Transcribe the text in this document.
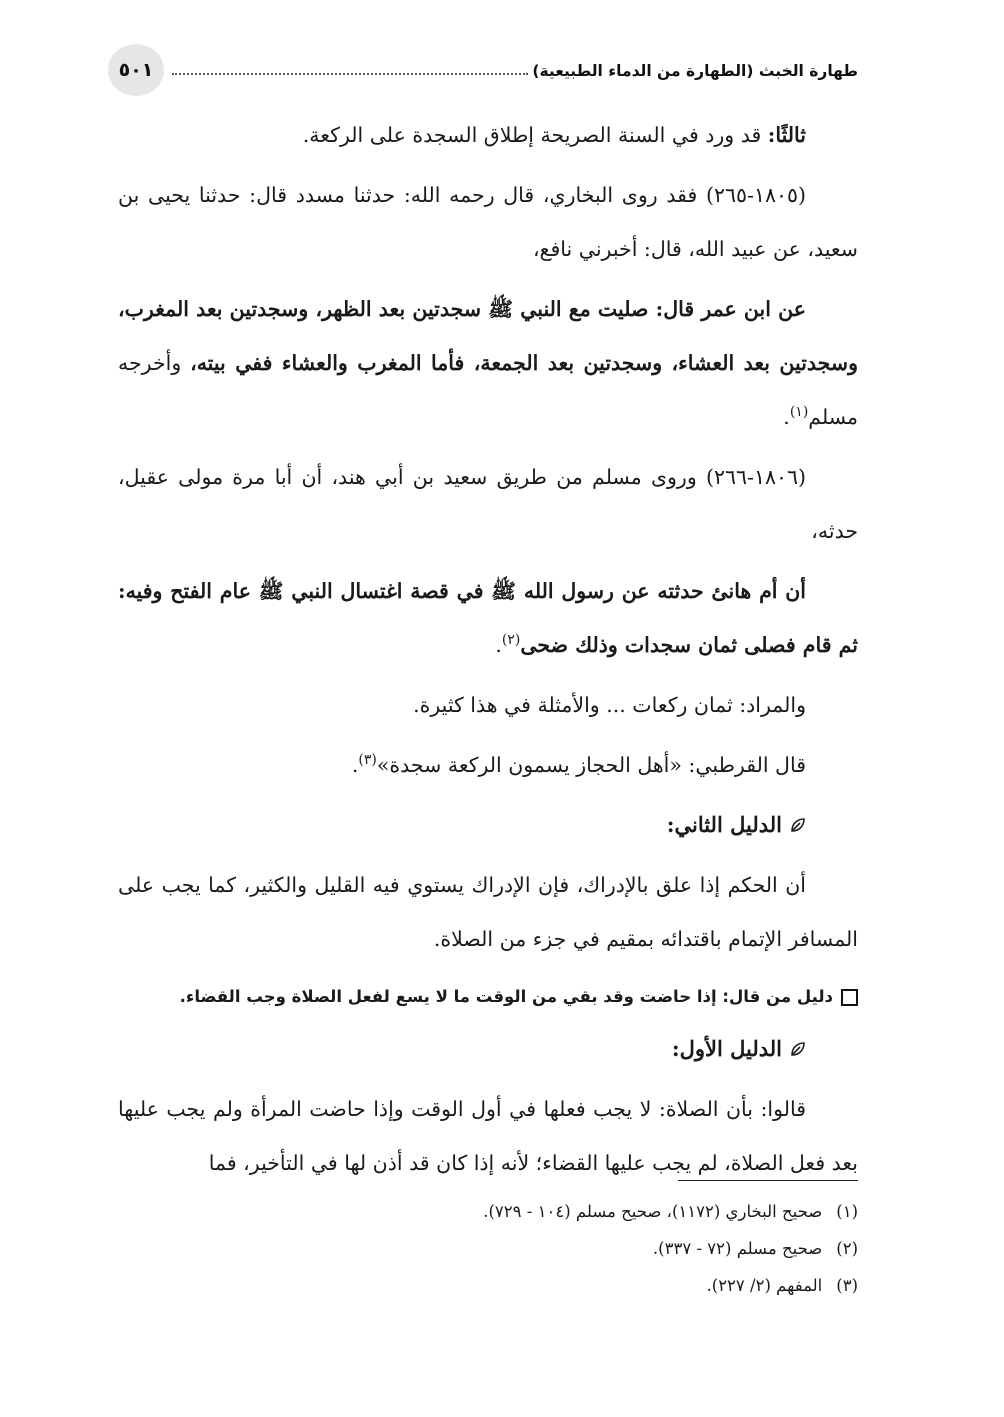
٥٠١	طهارة الخبث (الطهارة من الدماء الطبيعية)

ثالثًا: قد ورد في السنة الصريحة إطلاق السجدة على الركعة.

(١٨٠٥-٢٦٥) فقد روى البخاري، قال رحمه الله: حدثنا مسدد قال: حدثنا يحيى بن سعيد، عن عبيد الله، قال: أخبرني نافع،

عن ابن عمر قال: صليت مع النبي ﷺ سجدتين بعد الظهر، وسجدتين بعد المغرب، وسجدتين بعد العشاء، وسجدتين بعد الجمعة، فأما المغرب والعشاء ففي بيته، وأخرجه مسلم$^{(١)}$.

(١٨٠٦-٢٦٦) وروى مسلم من طريق سعيد بن أبي هند، أن أبا مرة مولى عقيل، حدثه،

أن أم هانئ حدثته عن رسول الله ﷺ في قصة اغتسال النبي ﷺ عام الفتح وفيه: ثم قام فصلى ثمان سجدات وذلك ضحى$^{(٢)}$.

والمراد: ثمان ركعات ... والأمثلة في هذا كثيرة.

قال القرطبي: «أهل الحجاز يسمون الركعة سجدة»$^{(٣)}$.

الدليل الثاني:

أن الحكم إذا علق بالإدراك، فإن الإدراك يستوي فيه القليل والكثير، كما يجب على المسافر الإتمام باقتدائه بمقيم في جزء من الصلاة.

دليل من قال: إذا حاضت وقد بقي من الوقت ما لا يسع لفعل الصلاة وجب القضاء.

الدليل الأول:

قالوا: بأن الصلاة: لا يجب فعلها في أول الوقت وإذا حاضت المرأة ولم يجب عليها بعد فعل الصلاة، لم يجب عليها القضاء؛ لأنه إذا كان قد أذن لها في التأخير، فما

(١)
صحيح البخاري (١١٧٢)، صحيح مسلم (١٠٤ - ٧٢٩).
(٢)
صحيح مسلم (٧٢ - ٣٣٧).
(٣)
المفهم (٢/ ٢٢٧).
